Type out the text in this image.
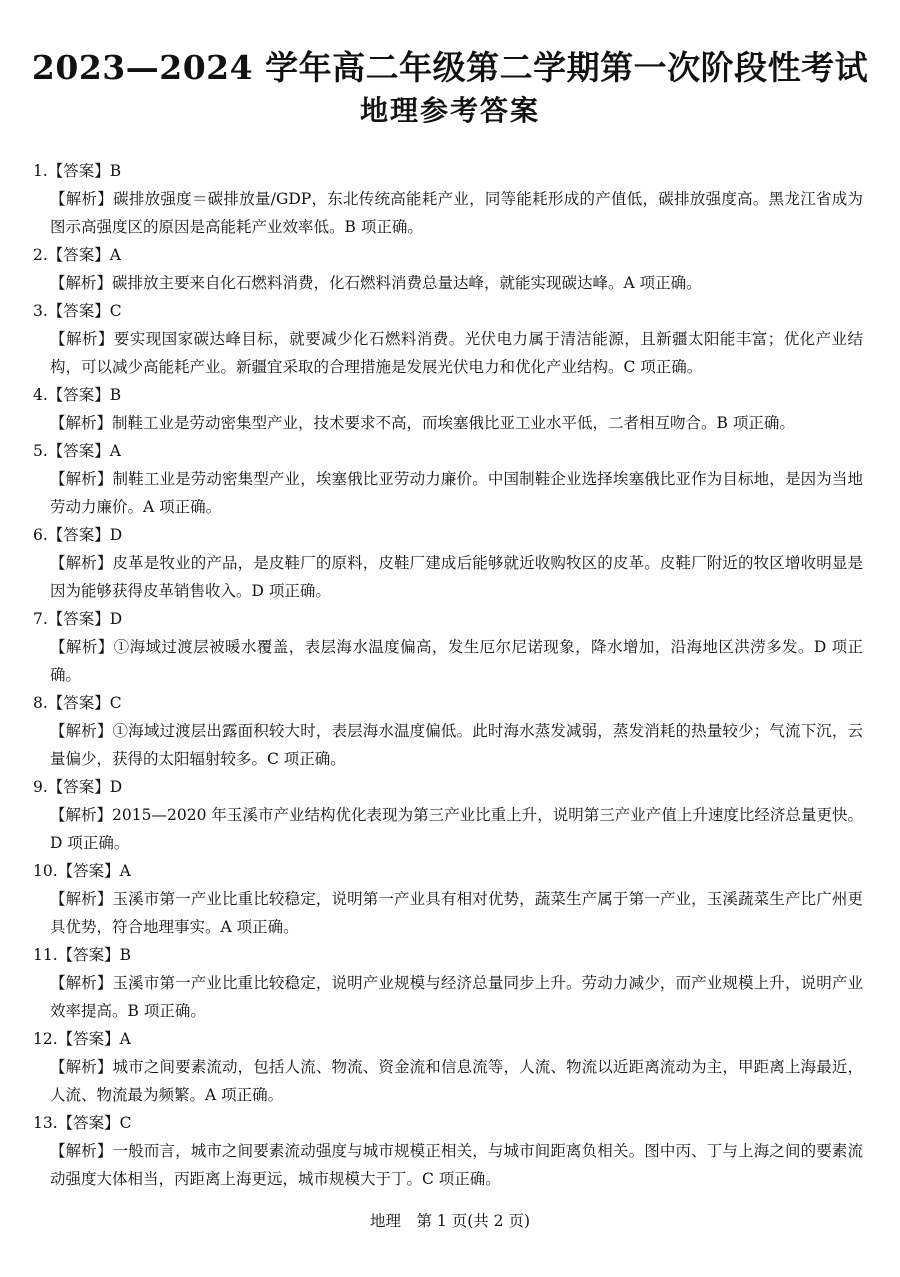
2023—2024 学年高二年级第二学期第一次阶段性考试
地理参考答案
1.【答案】B
【解析】碳排放强度＝碳排放量/GDP，东北传统高能耗产业，同等能耗形成的产值低，碳排放强度高。黑龙江省成为图示高强度区的原因是高能耗产业效率低。B 项正确。
2.【答案】A
【解析】碳排放主要来自化石燃料消费，化石燃料消费总量达峰，就能实现碳达峰。A 项正确。
3.【答案】C
【解析】要实现国家碳达峰目标，就要减少化石燃料消费。光伏电力属于清洁能源，且新疆太阳能丰富；优化产业结构，可以减少高能耗产业。新疆宜采取的合理措施是发展光伏电力和优化产业结构。C 项正确。
4.【答案】B
【解析】制鞋工业是劳动密集型产业，技术要求不高，而埃塞俄比亚工业水平低，二者相互吻合。B 项正确。
5.【答案】A
【解析】制鞋工业是劳动密集型产业，埃塞俄比亚劳动力廉价。中国制鞋企业选择埃塞俄比亚作为目标地，是因为当地劳动力廉价。A 项正确。
6.【答案】D
【解析】皮革是牧业的产品，是皮鞋厂的原料，皮鞋厂建成后能够就近收购牧区的皮革。皮鞋厂附近的牧区增收明显是因为能够获得皮革销售收入。D 项正确。
7.【答案】D
【解析】①海域过渡层被暖水覆盖，表层海水温度偏高，发生厄尔尼诺现象，降水增加，沿海地区洪涝多发。D 项正确。
8.【答案】C
【解析】①海域过渡层出露面积较大时，表层海水温度偏低。此时海水蒸发减弱，蒸发消耗的热量较少；气流下沉，云量偏少，获得的太阳辐射较多。C 项正确。
9.【答案】D
【解析】2015—2020 年玉溪市产业结构优化表现为第三产业比重上升，说明第三产业产值上升速度比经济总量更快。D 项正确。
10.【答案】A
【解析】玉溪市第一产业比重比较稳定，说明第一产业具有相对优势，蔬菜生产属于第一产业，玉溪蔬菜生产比广州更具优势，符合地理事实。A 项正确。
11.【答案】B
【解析】玉溪市第一产业比重比较稳定，说明产业规模与经济总量同步上升。劳动力减少，而产业规模上升，说明产业效率提高。B 项正确。
12.【答案】A
【解析】城市之间要素流动，包括人流、物流、资金流和信息流等，人流、物流以近距离流动为主，甲距离上海最近，人流、物流最为频繁。A 项正确。
13.【答案】C
【解析】一般而言，城市之间要素流动强度与城市规模正相关，与城市间距离负相关。图中丙、丁与上海之间的要素流动强度大体相当，丙距离上海更远，城市规模大于丁。C 项正确。
地理　第 1 页(共 2 页)
